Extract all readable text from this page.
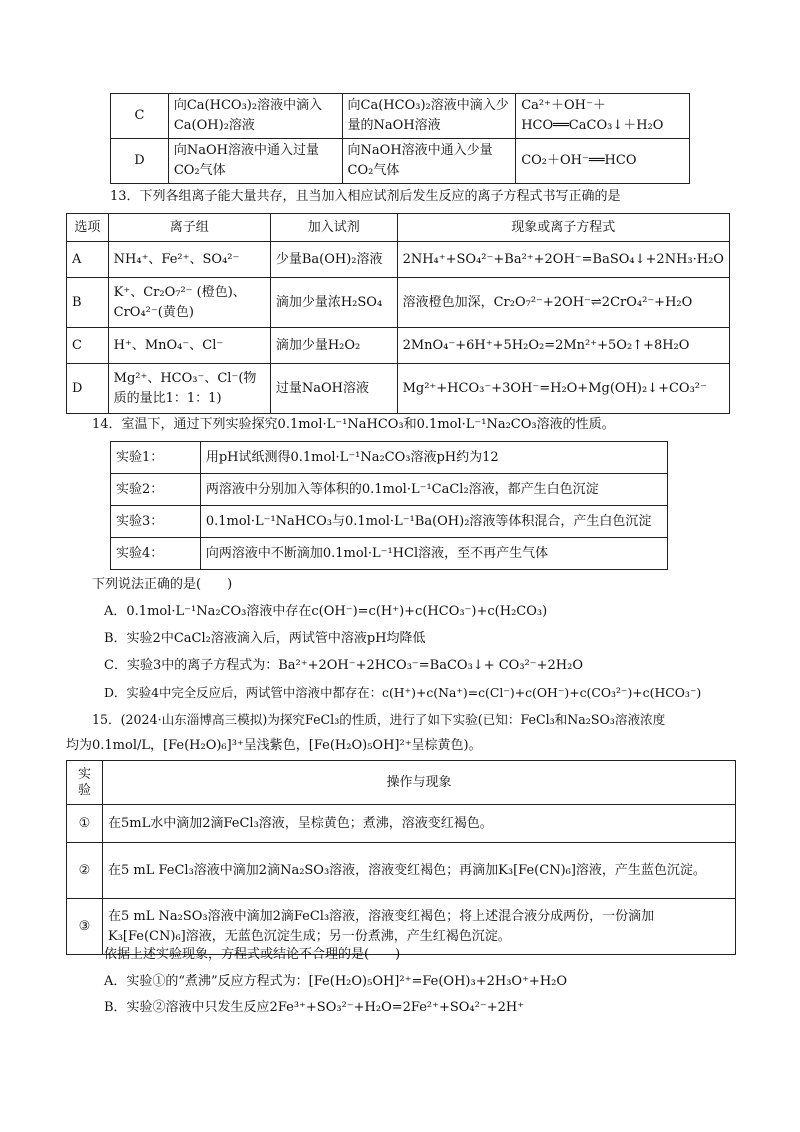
C	向Ca(HCO₃)₂溶液中滴入Ca(OH)₂溶液	向Ca(HCO₃)₂溶液中滴入少量的NaOH溶液	Ca²⁺＋OH⁻＋HCO══CaCO₃↓＋H₂O
D	向NaOH溶液中通入过量CO₂气体	向NaOH溶液中通入少量CO₂气体	CO₂＋OH⁻══HCO
13．下列各组离子能大量共存，且当加入相应试剂后发生反应的离子方程式书写正确的是
选项	离子组	加入试剂	现象或离子方程式
A	NH₄⁺、Fe²⁺、SO₄²⁻	少量Ba(OH)₂溶液	2NH₄⁺+SO₄²⁻+Ba²⁺+2OH⁻=BaSO₄↓+2NH₃·H₂O
B	K⁺、Cr₂O₇²⁻ (橙色)、CrO₄²⁻(黄色)	滴加少量浓H₂SO₄	溶液橙色加深，Cr₂O₇²⁻+2OH⁻⇌2CrO₄²⁻+H₂O
C	H⁺、MnO₄⁻、Cl⁻	滴加少量H₂O₂	2MnO₄⁻+6H⁺+5H₂O₂=2Mn²⁺+5O₂↑+8H₂O
D	Mg²⁺、HCO₃⁻、Cl⁻(物质的量比1：1：1)	过量NaOH溶液	Mg²⁺+HCO₃⁻+3OH⁻=H₂O+Mg(OH)₂↓+CO₃²⁻
14．室温下，通过下列实验探究0.1mol·L⁻¹NaHCO₃和0.1mol·L⁻¹Na₂CO₃溶液的性质。
实验1：	用pH试纸测得0.1mol·L⁻¹Na₂CO₃溶液pH约为12
实验2：	两溶液中分别加入等体积的0.1mol·L⁻¹CaCl₂溶液，都产生白色沉淀
实验3：	0.1mol·L⁻¹NaHCO₃与0.1mol·L⁻¹Ba(OH)₂溶液等体积混合，产生白色沉淀
实验4：	向两溶液中不断滴加0.1mol·L⁻¹HCl溶液，至不再产生气体
下列说法正确的是(　　)
A．0.1mol·L⁻¹Na₂CO₃溶液中存在c(OH⁻)=c(H⁺)+c(HCO₃⁻)+c(H₂CO₃)
B．实验2中CaCl₂溶液滴入后，两试管中溶液pH均降低
C．实验3中的离子方程式为：Ba²⁺+2OH⁻+2HCO₃⁻=BaCO₃↓+ CO₃²⁻+2H₂O
D．实验4中完全反应后，两试管中溶液中都存在：c(H⁺)+c(Na⁺)=c(Cl⁻)+c(OH⁻)+c(CO₃²⁻)+c(HCO₃⁻)
15．(2024·山东淄博高三模拟)为探究FeCl₃的性质，进行了如下实验(已知：FeCl₃和Na₂SO₃溶液浓度
均为0.1mol/L，[Fe(H₂O)₆]³⁺呈浅紫色，[Fe(H₂O)₅OH]²⁺呈棕黄色)。
实验	操作与现象
①	在5mL水中滴加2滴FeCl₃溶液，呈棕黄色；煮沸，溶液变红褐色。
②	在5 mL FeCl₃溶液中滴加2滴Na₂SO₃溶液，溶液变红褐色；再滴加K₃[Fe(CN)₆]溶液，产生蓝色沉淀。
③	在5 mL Na₂SO₃溶液中滴加2滴FeCl₃溶液，溶液变红褐色；将上述混合液分成两份，一份滴加K₃[Fe(CN)₆]溶液，无蓝色沉淀生成；另一份煮沸，产生红褐色沉淀。
依据上述实验现象，方程式或结论不合理的是(　　)
A．实验①的“煮沸”反应方程式为：[Fe(H₂O)₅OH]²⁺=Fe(OH)₃+2H₃O⁺+H₂O
B．实验②溶液中只发生反应2Fe³⁺+SO₃²⁻+H₂O=2Fe²⁺+SO₄²⁻+2H⁺
